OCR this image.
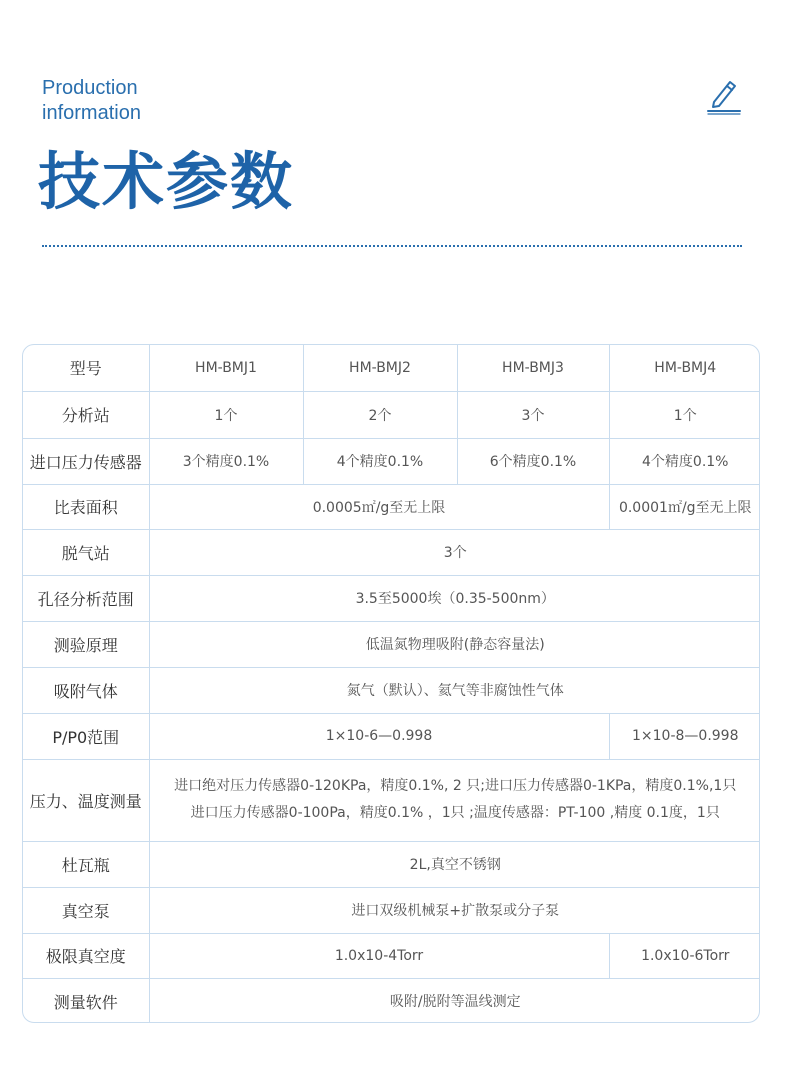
Production
information
技术参数
型号	HM-BMJ1	HM-BMJ2	HM-BMJ3	HM-BMJ4
分析站	1个	2个	3个	1个
进口压力传感器	3个精度0.1%	4个精度0.1%	6个精度0.1%	4个精度0.1%
比表面积	0.0005㎡/g至无上限			0.0001㎡/g至无上限
脱气站	3个			
孔径分析范围	3.5至5000埃（0.35-500nm）			
测验原理	低温氮物理吸附(静态容量法)			
吸附气体	氮气（默认）、氦气等非腐蚀性气体			
P/P0范围	1×10-6—0.998			1×10-8—0.998
压力、温度测量	进口绝对压力传感器0-120KPa，精度0.1%, 2 只;进口压力传感器0-1KPa，精度0.1%,1只
进口压力传感器0-100Pa，精度0.1% ，1只 ;温度传感器：PT-100 ,精度 0.1度，1只			

杜瓦瓶	2L,真空不锈钢			
真空泵	进口双级机械泵+扩散泵或分子泵			
极限真空度	1.0x10-4Torr			1.0x10-6Torr
测量软件	吸附/脱附等温线测定			
